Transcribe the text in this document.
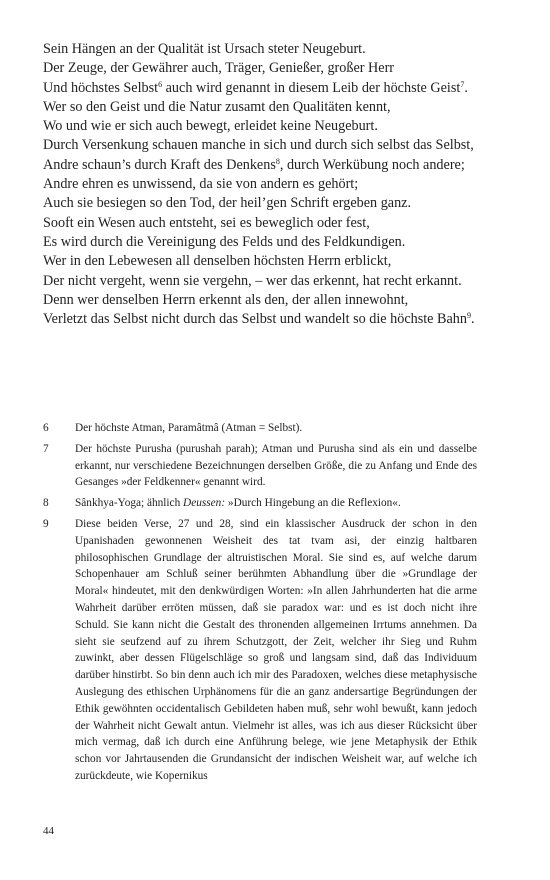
Sein Hängen an der Qualität ist Ursach steter Neugeburt.
Der Zeuge, der Gewährer auch, Träger, Genießer, großer Herr
Und höchstes Selbst$^6$ auch wird genannt in diesem Leib der höchste Geist$^7$.
Wer so den Geist und die Natur zusamt den Qualitäten kennt,
Wo und wie er sich auch bewegt, erleidet keine Neugeburt.
Durch Versenkung schauen manche in sich und durch sich selbst das Selbst,
Andre schaun’s durch Kraft des Denkens$^8$, durch Werkübung noch andere;
Andre ehren es unwissend, da sie von andern es gehört;
Auch sie besiegen so den Tod, der heil’gen Schrift ergeben ganz.
Sooft ein Wesen auch entsteht, sei es beweglich oder fest,
Es wird durch die Vereinigung des Felds und des Feldkundigen.
Wer in den Lebewesen all denselben höchsten Herrn erblickt,
Der nicht vergeht, wenn sie vergehn, – wer das erkennt, hat recht erkannt.
Denn wer denselben Herrn erkennt als den, der allen innewohnt,
Verletzt das Selbst nicht durch das Selbst und wandelt so die höchste Bahn$^9$.
6	Der höchste Atman, Paramâtmâ (Atman = Selbst).
7	Der höchste Purusha (purushah parah); Atman und Purusha sind als ein und dasselbe erkannt, nur verschiedene Bezeichnungen derselben Größe, die zu Anfang und Ende des Gesanges »der Feldkenner« genannt wird.
8	Sânkhya-Yoga; ähnlich Deussen: »Durch Hingebung an die Reflexion«.
9	Diese beiden Verse, 27 und 28, sind ein klassischer Ausdruck der schon in den Upanishaden gewonnenen Weisheit des tat tvam asi, der einzig haltbaren philosophischen Grundlage der altruistischen Moral. Sie sind es, auf welche darum Schopenhauer am Schluß seiner berühmten Abhandlung über die »Grundlage der Moral« hindeutet, mit den denkwürdigen Worten: »In allen Jahrhunderten hat die arme Wahrheit darüber erröten müssen, daß sie paradox war: und es ist doch nicht ihre Schuld. Sie kann nicht die Gestalt des thronenden allgemeinen Irrtums annehmen. Da sieht sie seufzend auf zu ihrem Schutzgott, der Zeit, welcher ihr Sieg und Ruhm zuwinkt, aber dessen Flügelschläge so groß und langsam sind, daß das Individuum darüber hinstirbt. So bin denn auch ich mir des Paradoxen, welches diese metaphysische Auslegung des ethischen Urphänomens für die an ganz andersartige Begründungen der Ethik gewöhnten occidentalisch Gebildeten haben muß, sehr wohl bewußt, kann jedoch der Wahrheit nicht Gewalt antun. Vielmehr ist alles, was ich aus dieser Rücksicht über mich vermag, daß ich durch eine Anführung belege, wie jene Metaphysik der Ethik schon vor Jahrtausenden die Grundansicht der indischen Weisheit war, auf welche ich zurückdeute, wie Kopernikus
44
